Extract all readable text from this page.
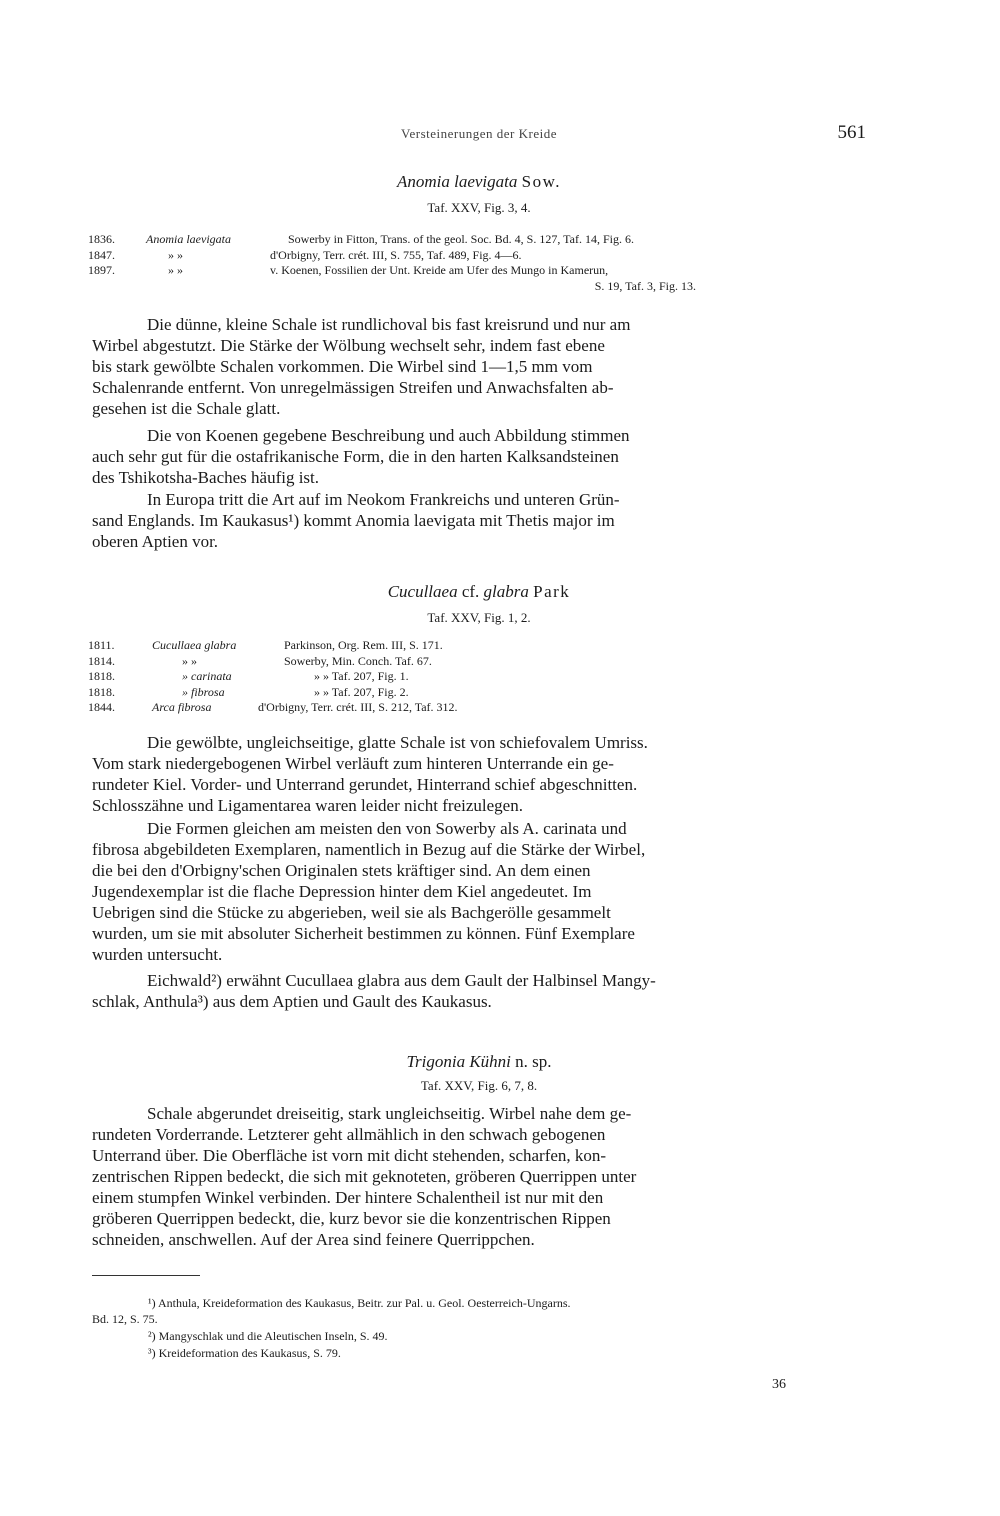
Versteinerungen der Kreide	561
Anomia laevigata Sow.
Taf. XXV, Fig. 3, 4.
1836.	Anomia laevigata	Sowerby in Fitton, Trans. of the geol. Soc. Bd. 4, S. 127, Taf. 14, Fig. 6.
1847.	» »	d'Orbigny, Terr. crét. III, S. 755, Taf. 489, Fig. 4—6.
1897.	» »	v. Koenen, Fossilien der Unt. Kreide am Ufer des Mungo in Kamerun,
S. 19, Taf. 3, Fig. 13.
Die dünne, kleine Schale ist rundlichoval bis fast kreisrund und nur am
Wirbel abgestutzt. Die Stärke der Wölbung wechselt sehr, indem fast ebene
bis stark gewölbte Schalen vorkommen. Die Wirbel sind 1—1,5 mm vom
Schalenrande entfernt. Von unregelmässigen Streifen und Anwachsfalten ab-
gesehen ist die Schale glatt.
Die von Koenen gegebene Beschreibung und auch Abbildung stimmen
auch sehr gut für die ostafrikanische Form, die in den harten Kalksandsteinen
des Tshikotsha-Baches häufig ist.
In Europa tritt die Art auf im Neokom Frankreichs und unteren Grün-
sand Englands. Im Kaukasus¹) kommt Anomia laevigata mit Thetis major im
oberen Aptien vor.
Cucullaea cf. glabra Park
Taf. XXV, Fig. 1, 2.
1811.	Cucullaea glabra	Parkinson, Org. Rem. III, S. 171.
1814.	» »	Sowerby, Min. Conch. Taf. 67.
1818.	» carinata	» » Taf. 207, Fig. 1.
1818.	» fibrosa	» » Taf. 207, Fig. 2.
1844.	Arca fibrosa	d'Orbigny, Terr. crét. III, S. 212, Taf. 312.
Die gewölbte, ungleichseitige, glatte Schale ist von schiefovalem Umriss.
Vom stark niedergebogenen Wirbel verläuft zum hinteren Unterrande ein ge-
rundeter Kiel. Vorder- und Unterrand gerundet, Hinterrand schief abgeschnitten.
Schlosszähne und Ligamentarea waren leider nicht freizulegen.
Die Formen gleichen am meisten den von Sowerby als A. carinata und
fibrosa abgebildeten Exemplaren, namentlich in Bezug auf die Stärke der Wirbel,
die bei den d'Orbigny'schen Originalen stets kräftiger sind. An dem einen
Jugendexemplar ist die flache Depression hinter dem Kiel angedeutet. Im
Uebrigen sind die Stücke zu abgerieben, weil sie als Bachgerölle gesammelt
wurden, um sie mit absoluter Sicherheit bestimmen zu können. Fünf Exemplare
wurden untersucht.
Eichwald²) erwähnt Cucullaea glabra aus dem Gault der Halbinsel Mangy-
schlak, Anthula³) aus dem Aptien und Gault des Kaukasus.
Trigonia Kühni n. sp.
Taf. XXV, Fig. 6, 7, 8.
Schale abgerundet dreiseitig, stark ungleichseitig. Wirbel nahe dem ge-
rundeten Vorderrande. Letzterer geht allmählich in den schwach gebogenen
Unterrand über. Die Oberfläche ist vorn mit dicht stehenden, scharfen, kon-
zentrischen Rippen bedeckt, die sich mit geknoteten, gröberen Querrippen unter
einem stumpfen Winkel verbinden. Der hintere Schalentheil ist nur mit den
gröberen Querrippen bedeckt, die, kurz bevor sie die konzentrischen Rippen
schneiden, anschwellen. Auf der Area sind feinere Querrippchen.
¹) Anthula, Kreideformation des Kaukasus, Beitr. zur Pal. u. Geol. Oesterreich-Ungarns.
Bd. 12, S. 75.
²) Mangyschlak und die Aleutischen Inseln, S. 49.
³) Kreideformation des Kaukasus, S. 79.
36
